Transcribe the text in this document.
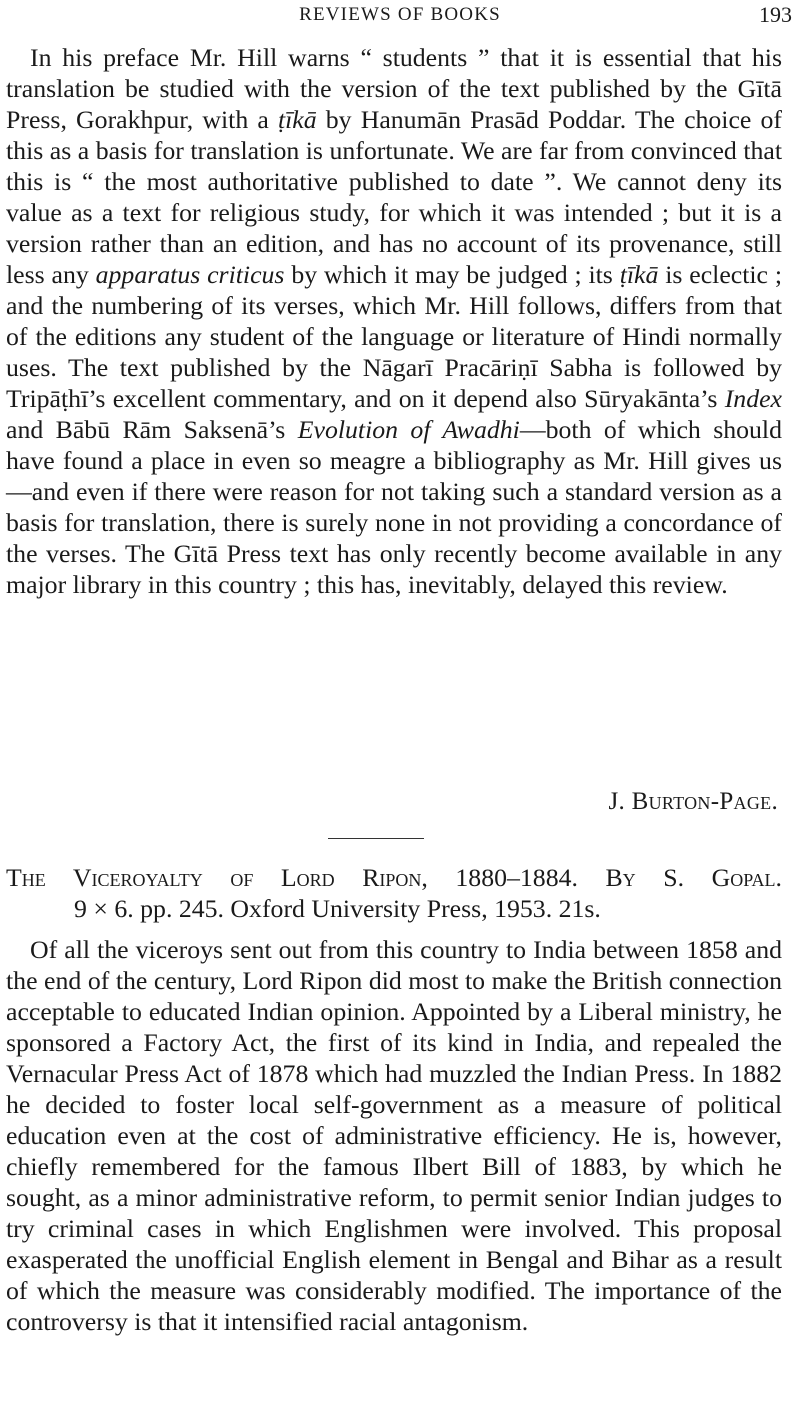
REVIEWS OF BOOKS	193

In his preface Mr. Hill warns “ students ” that it is essential that his translation be studied with the version of the text published by the Gītā Press, Gorakhpur, with a ṭīkā by Hanumān Prasād Poddar. The choice of this as a basis for translation is unfortunate. We are far from convinced that this is “ the most authoritative published to date ”. We cannot deny its value as a text for religious study, for which it was intended ; but it is a version rather than an edition, and has no account of its provenance, still less any apparatus criticus by which it may be judged ; its ṭīkā is eclectic ; and the numbering of its verses, which Mr. Hill follows, differs from that of the editions any student of the language or literature of Hindi normally uses. The text published by the Nāgarī Pracāriṇī Sabha is followed by Tripāṭhī’s excellent commentary, and on it depend also Sūryakānta’s Index and Bābū Rām Saksenā’s Evolution of Awadhi—both of which should have found a place in even so meagre a bibliography as Mr. Hill gives us—and even if there were reason for not taking such a standard version as a basis for translation, there is surely none in not providing a concordance of the verses. The Gītā Press text has only recently become available in any major library in this country ; this has, inevitably, delayed this review.

J. Burton-Page.
The Viceroyalty of Lord Ripon, 1880–1884. By S. Gopal.
9 × 6. pp. 245. Oxford University Press, 1953. 21s.

Of all the viceroys sent out from this country to India between 1858 and the end of the century, Lord Ripon did most to make the British connection acceptable to educated Indian opinion. Appointed by a Liberal ministry, he sponsored a Factory Act, the first of its kind in India, and repealed the Vernacular Press Act of 1878 which had muzzled the Indian Press. In 1882 he decided to foster local self-government as a measure of political education even at the cost of administrative efficiency. He is, however, chiefly remembered for the famous Ilbert Bill of 1883, by which he sought, as a minor administrative reform, to permit senior Indian judges to try criminal cases in which Englishmen were involved. This proposal exasperated the unofficial English element in Bengal and Bihar as a result of which the measure was considerably modified. The importance of the controversy is that it intensified racial antagonism.
